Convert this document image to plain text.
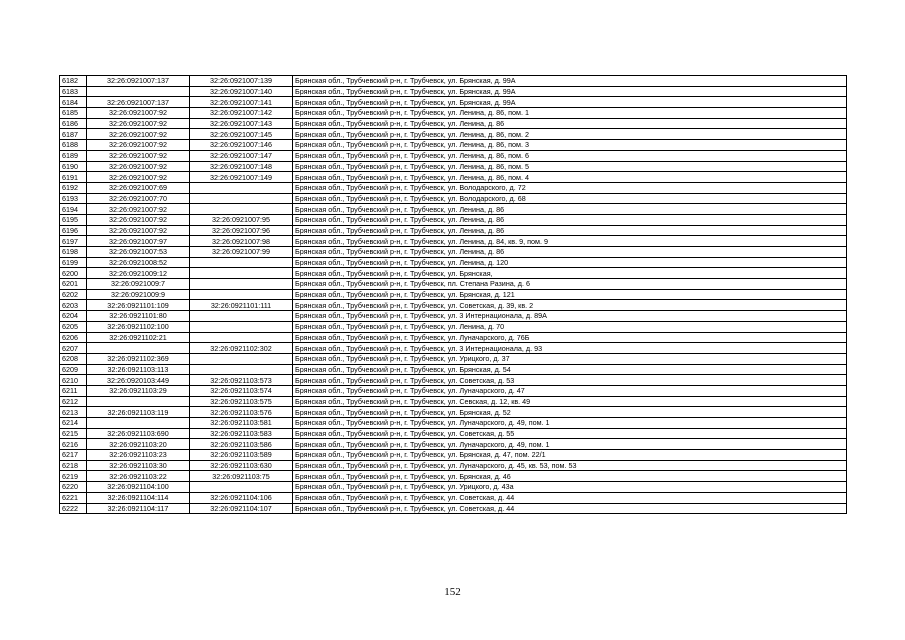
6182	32:26:0921007:137	32:26:0921007:139	Брянская обл., Трубчевский р-н, г. Трубчевск, ул. Брянская, д. 99А
6183		32:26:0921007:140	Брянская обл., Трубчевский р-н, г. Трубчевск, ул. Брянская, д. 99А
6184	32:26:0921007:137	32:26:0921007:141	Брянская обл., Трубчевский р-н, г. Трубчевск, ул. Брянская, д. 99А
6185	32:26:0921007:92	32:26:0921007:142	Брянская обл., Трубчевский р-н, г. Трубчевск, ул. Ленина, д. 86, пом. 1
6186	32:26:0921007:92	32:26:0921007:143	Брянская обл., Трубчевский р-н, г. Трубчевск, ул. Ленина, д. 86
6187	32:26:0921007:92	32:26:0921007:145	Брянская обл., Трубчевский р-н, г. Трубчевск, ул. Ленина, д. 86, пом. 2
6188	32:26:0921007:92	32:26:0921007:146	Брянская обл., Трубчевский р-н, г. Трубчевск, ул. Ленина, д. 86, пом. 3
6189	32:26:0921007:92	32:26:0921007:147	Брянская обл., Трубчевский р-н, г. Трубчевск, ул. Ленина, д. 86, пом. 6
6190	32:26:0921007:92	32:26:0921007:148	Брянская обл., Трубчевский р-н, г. Трубчевск, ул. Ленина, д. 86, пом. 5
6191	32:26:0921007:92	32:26:0921007:149	Брянская обл., Трубчевский р-н, г. Трубчевск, ул. Ленина, д. 86, пом. 4
6192	32:26:0921007:69		Брянская обл., Трубчевский р-н, г. Трубчевск, ул. Володарского, д. 72
6193	32:26:0921007:70		Брянская обл., Трубчевский р-н, г. Трубчевск, ул. Володарского, д. 68
6194	32:26:0921007:92		Брянская обл., Трубчевский р-н, г. Трубчевск, ул. Ленина, д. 86
6195	32:26:0921007:92	32:26:0921007:95	Брянская обл., Трубчевский р-н, г. Трубчевск, ул. Ленина, д. 86
6196	32:26:0921007:92	32:26:0921007:96	Брянская обл., Трубчевский р-н, г. Трубчевск, ул. Ленина, д. 86
6197	32:26:0921007:97	32:26:0921007:98	Брянская обл., Трубчевский р-н, г. Трубчевск, ул. Ленина, д. 84, кв. 9, пом. 9
6198	32:26:0921007:53	32:26:0921007:99	Брянская обл., Трубчевский р-н, г. Трубчевск, ул. Ленина, д. 86
6199	32:26:0921008:52		Брянская обл., Трубчевский р-н, г. Трубчевск, ул. Ленина, д. 120
6200	32:26:0921009:12		Брянская обл., Трубчевский р-н, г. Трубчевск, ул. Брянская,
6201	32:26:0921009:7		Брянская обл., Трубчевский р-н, г. Трубчевск, пл. Степана Разина, д. 6
6202	32:26:0921009:9		Брянская обл., Трубчевский р-н, г. Трубчевск, ул. Брянская, д. 121
6203	32:26:0921101:109	32:26:0921101:111	Брянская обл., Трубчевский р-н, г. Трубчевск, ул. Советская, д. 39, кв. 2
6204	32:26:0921101:80		Брянская обл., Трубчевский р-н, г. Трубчевск, ул. 3 Интернационала, д. 89А
6205	32:26:0921102:100		Брянская обл., Трубчевский р-н, г. Трубчевск, ул. Ленина, д. 70
6206	32:26:0921102:21		Брянская обл., Трубчевский р-н, г. Трубчевск, ул. Луначарского, д. 76Б
6207		32:26:0921102:302	Брянская обл., Трубчевский р-н, г. Трубчевск, ул. 3 Интернационала, д. 93
6208	32:26:0921102:369		Брянская обл., Трубчевский р-н, г. Трубчевск, ул. Урицкого, д. 37
6209	32:26:0921103:113		Брянская обл., Трубчевский р-н, г. Трубчевск, ул. Брянская, д. 54
6210	32:26:0920103:449	32:26:0921103:573	Брянская обл., Трубчевский р-н, г. Трубчевск, ул. Советская, д. 53
6211	32:26:0921103:29	32:26:0921103:574	Брянская обл., Трубчевский р-н, г. Трубчевск, ул. Луначарского, д. 47
6212		32:26:0921103:575	Брянская обл., Трубчевский р-н, г. Трубчевск, ул. Севская, д. 12, кв. 49
6213	32:26:0921103:119	32:26:0921103:576	Брянская обл., Трубчевский р-н, г. Трубчевск, ул. Брянская, д. 52
6214		32:26:0921103:581	Брянская обл., Трубчевский р-н, г. Трубчевск, ул. Луначарского, д. 49, пом. 1
6215	32:26:0921103:690	32:26:0921103:583	Брянская обл., Трубчевский р-н, г. Трубчевск, ул. Советская, д. 55
6216	32:26:0921103:20	32:26:0921103:586	Брянская обл., Трубчевский р-н, г. Трубчевск, ул. Луначарского, д. 49, пом. 1
6217	32:26:0921103:23	32:26:0921103:589	Брянская обл., Трубчевский р-н, г. Трубчевск, ул. Брянская, д. 47, пом. 22/1
6218	32:26:0921103:30	32:26:0921103:630	Брянская обл., Трубчевский р-н, г. Трубчевск, ул. Луначарского, д. 45, кв. 53, пом. 53
6219	32:26:0921103:22	32:26:0921103:75	Брянская обл., Трубчевский р-н, г. Трубчевск, ул. Брянская, д. 46
6220	32:26:0921104:100		Брянская обл., Трубчевский р-н, г. Трубчевск, ул. Урицкого, д. 43а
6221	32:26:0921104:114	32:26:0921104:106	Брянская обл., Трубчевский р-н, г. Трубчевск, ул. Советская, д. 44
6222	32:26:0921104:117	32:26:0921104:107	Брянская обл., Трубчевский р-н, г. Трубчевск, ул. Советская, д. 44
152
